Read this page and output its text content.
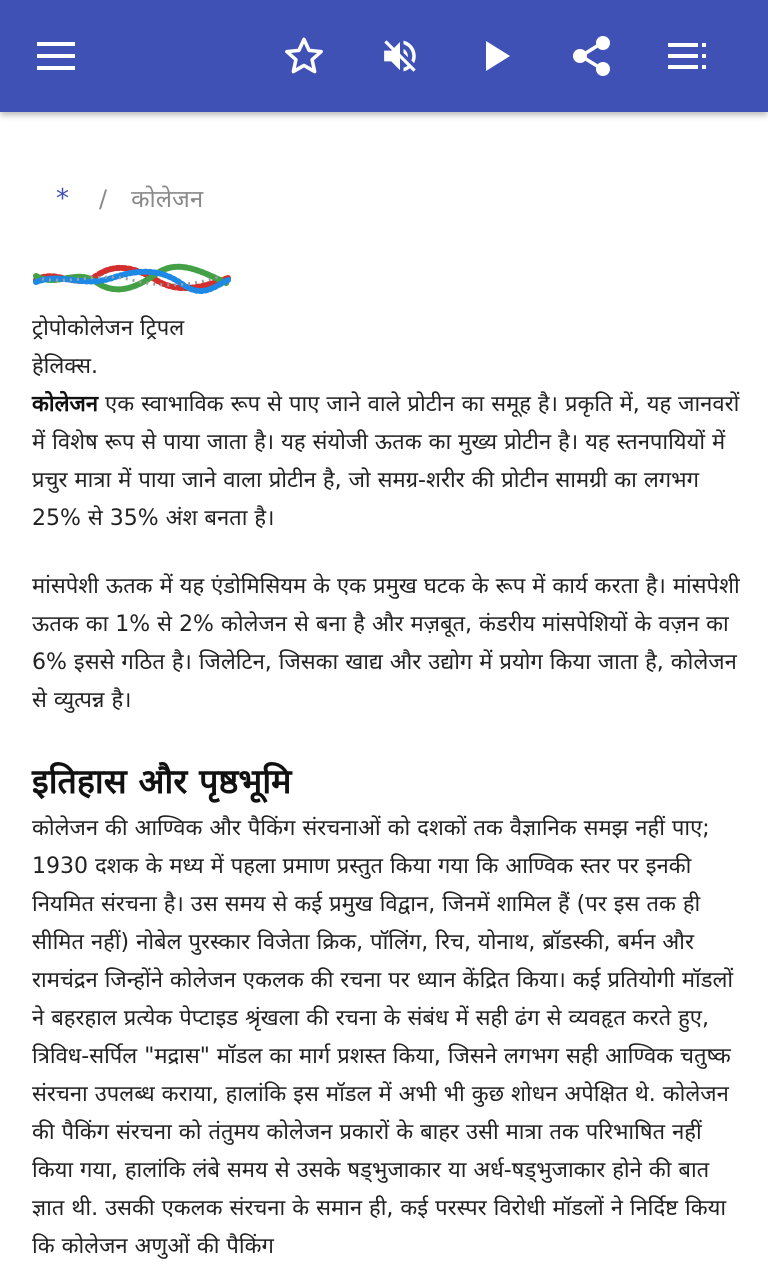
* / कोलेजन
ट्रोपोकोलेजन ट्रिपल हेलिक्स.

कोलेजन एक स्वाभाविक रूप से पाए जाने वाले प्रोटीन का समूह है। प्रकृति में, यह जानवरों में विशेष रूप से पाया जाता है। यह संयोजी ऊतक का मुख्य प्रोटीन है। यह स्तनपायियों में प्रचुर मात्रा में पाया जाने वाला प्रोटीन है, जो समग्र-शरीर की प्रोटीन सामग्री का लगभग 25% से 35% अंश बनता है।

मांसपेशी ऊतक में यह एंडोमिसियम के एक प्रमुख घटक के रूप में कार्य करता है। मांसपेशी ऊतक का 1% से 2% कोलेजन से बना है और मज़बूत, कंडरीय मांसपेशियों के वज़न का 6% इससे गठित है। जिलेटिन, जिसका खाद्य और उद्योग में प्रयोग किया जाता है, कोलेजन से व्युत्पन्न है।

इतिहास और पृष्ठभूमि

कोलेजन की आण्विक और पैकिंग संरचनाओं को दशकों तक वैज्ञानिक समझ नहीं पाए; 1930 दशक के मध्य में पहला प्रमाण प्रस्तुत किया गया कि आण्विक स्तर पर इनकी नियमित संरचना है। उस समय से कई प्रमुख विद्वान, जिनमें शामिल हैं (पर इस तक ही सीमित नहीं) नोबेल पुरस्कार विजेता क्रिक, पॉलिंग, रिच, योनाथ, ब्रॉडस्की, बर्मन और रामचंद्रन जिन्होंने कोलेजन एकलक की रचना पर ध्यान केंद्रित किया। कई प्रतियोगी मॉडलों ने बहरहाल प्रत्येक पेप्टाइड श्रृंखला की रचना के संबंध में सही ढंग से व्यवहृत करते हुए, त्रिविध-सर्पिल "मद्रास" मॉडल का मार्ग प्रशस्त किया, जिसने लगभग सही आण्विक चतुष्क संरचना उपलब्ध कराया, हालांकि इस मॉडल में अभी भी कुछ शोधन अपेक्षित थे. कोलेजन की पैकिंग संरचना को तंतुमय कोलेजन प्रकारों के बाहर उसी मात्रा तक परिभाषित नहीं किया गया, हालांकि लंबे समय से उसके षड्भुजाकार या अर्ध-षड्भुजाकार होने की बात ज्ञात थी. उसकी एकलक संरचना के समान ही, कई परस्पर विरोधी मॉडलों ने निर्दिष्ट किया कि कोलेजन अणुओं की पैकिंग
